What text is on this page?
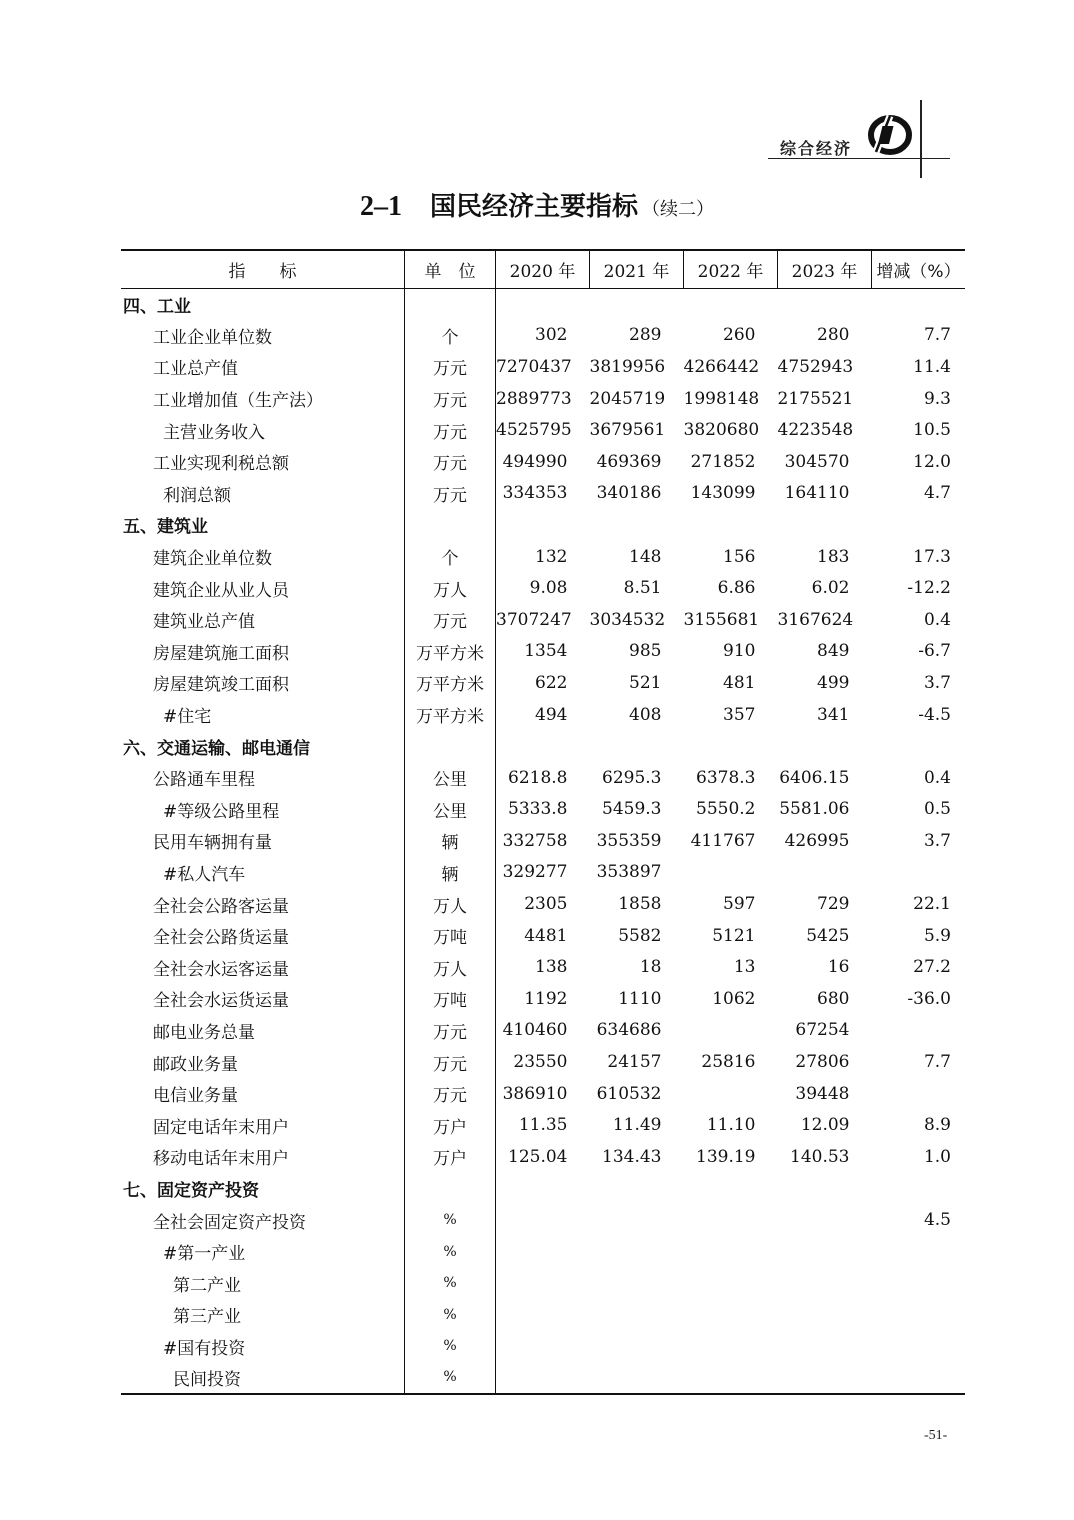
综合经济
2–1 国民经济主要指标 （续二）
指　　标	单　位	2020 年	2021 年	2022 年	2023 年	增减（%）
四、工业						
工业企业单位数	个	302	289	260	280	7.7
工业总产值	万元	7270437	3819956	4266442	4752943	11.4
工业增加值（生产法）	万元	2889773	2045719	1998148	2175521	9.3
主营业务收入	万元	4525795	3679561	3820680	4223548	10.5
工业实现利税总额	万元	494990	469369	271852	304570	12.0
利润总额	万元	334353	340186	143099	164110	4.7
五、建筑业						
建筑企业单位数	个	132	148	156	183	17.3
建筑企业从业人员	万人	9.08	8.51	6.86	6.02	-12.2
建筑业总产值	万元	3707247	3034532	3155681	3167624	0.4
房屋建筑施工面积	万平方米	1354	985	910	849	-6.7
房屋建筑竣工面积	万平方米	622	521	481	499	3.7
#住宅	万平方米	494	408	357	341	-4.5
六、交通运输、邮电通信						
公路通车里程	公里	6218.8	6295.3	6378.3	6406.15	0.4
#等级公路里程	公里	5333.8	5459.3	5550.2	5581.06	0.5
民用车辆拥有量	辆	332758	355359	411767	426995	3.7
#私人汽车	辆	329277	353897			
全社会公路客运量	万人	2305	1858	597	729	22.1
全社会公路货运量	万吨	4481	5582	5121	5425	5.9
全社会水运客运量	万人	138	18	13	16	27.2
全社会水运货运量	万吨	1192	1110	1062	680	-36.0
邮电业务总量	万元	410460	634686		67254	
邮政业务量	万元	23550	24157	25816	27806	7.7
电信业务量	万元	386910	610532		39448	
固定电话年末用户	万户	11.35	11.49	11.10	12.09	8.9
移动电话年末用户	万户	125.04	134.43	139.19	140.53	1.0
七、固定资产投资						
全社会固定资产投资	%					4.5
#第一产业	%					
第二产业	%					
第三产业	%					
#国有投资	%					
民间投资	%					
-51-
